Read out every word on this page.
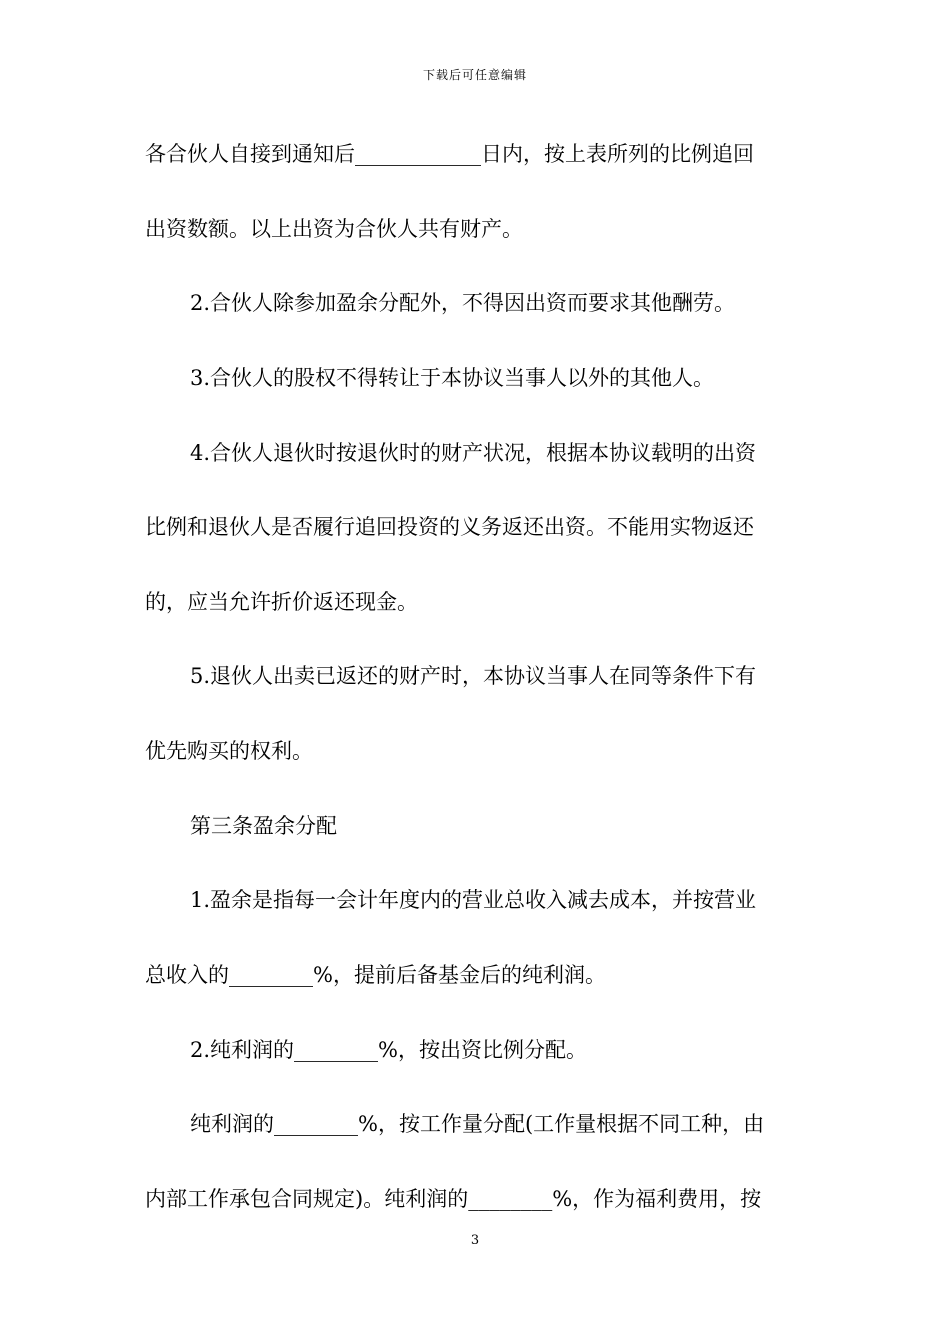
下载后可任意编辑
各合伙人自接到通知后____________日内，按上表所列的比例追回
出资数额。以上出资为合伙人共有财产。
2.合伙人除参加盈余分配外，不得因出资而要求其他酬劳。
3.合伙人的股权不得转让于本协议当事人以外的其他人。
4.合伙人退伙时按退伙时的财产状况，根据本协议载明的出资
比例和退伙人是否履行追回投资的义务返还出资。不能用实物返还
的，应当允许折价返还现金。
5.退伙人出卖已返还的财产时，本协议当事人在同等条件下有
优先购买的权利。
第三条盈余分配
1.盈余是指每一会计年度内的营业总收入减去成本，并按营业
总收入的________%，提前后备基金后的纯利润。
2.纯利润的________%，按出资比例分配。
纯利润的________%，按工作量分配(工作量根据不同工种，由
内部工作承包合同规定)。纯利润的________%，作为福利费用，按
3
